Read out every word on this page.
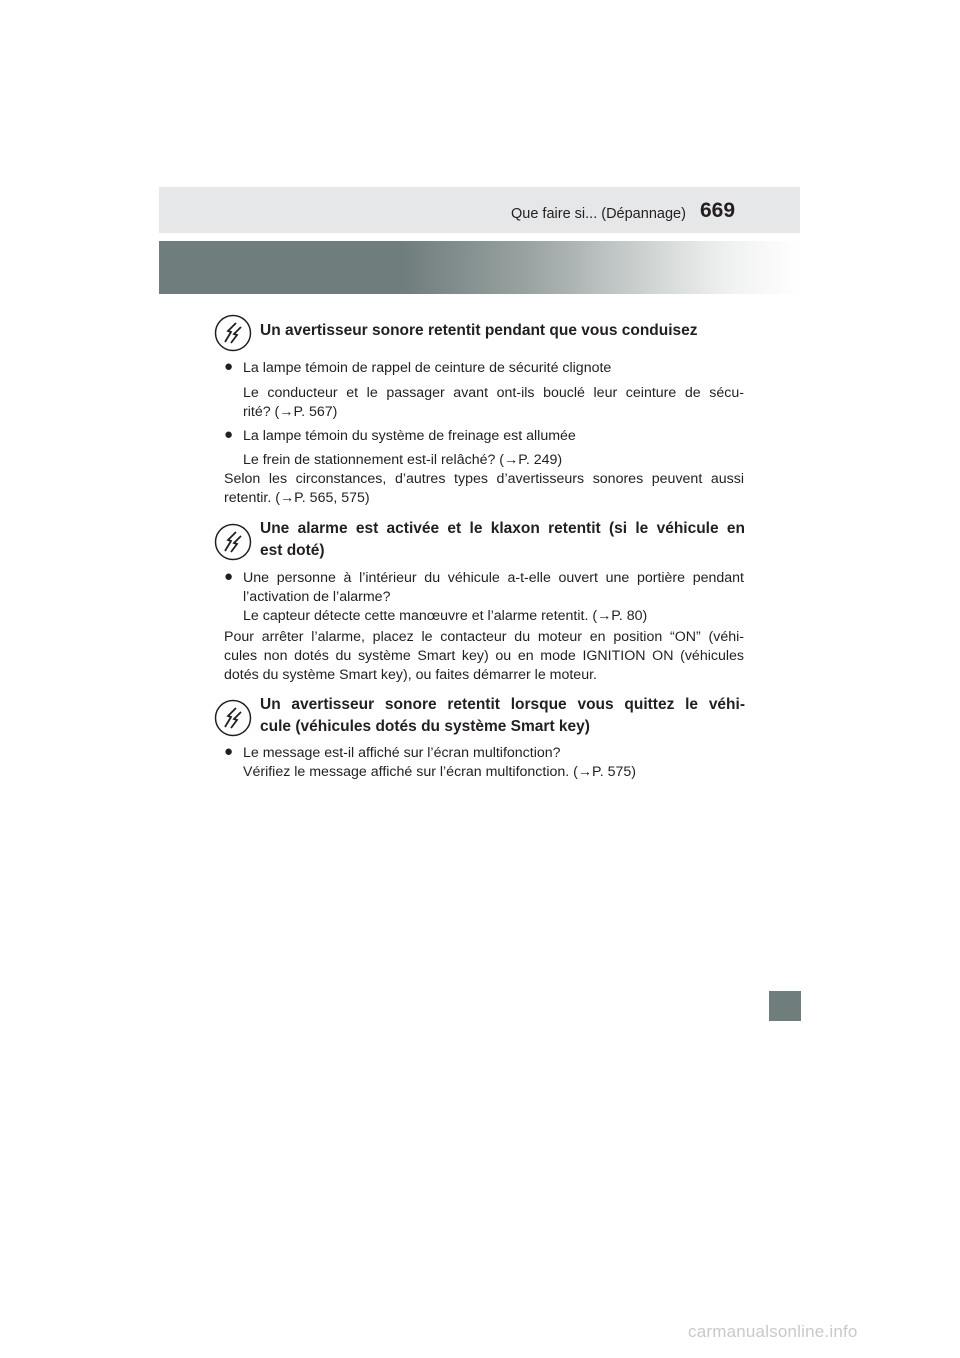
Que faire si... (Dépannage) 669
Un avertisseur sonore retentit pendant que vous conduisez
● La lampe témoin de rappel de ceinture de sécurité clignote
Le conducteur et le passager avant ont-ils bouclé leur ceinture de sécu-
rité? (→P. 567)
● La lampe témoin du système de freinage est allumée
Le frein de stationnement est-il relâché? (→P. 249)
Selon les circonstances, d’autres types d’avertisseurs sonores peuvent aussi
retentir. (→P. 565, 575)
Une alarme est activée et le klaxon retentit (si le véhicule en
est doté)
● Une personne à l’intérieur du véhicule a-t-elle ouvert une portière pendant
l’activation de l’alarme?
Le capteur détecte cette manœuvre et l’alarme retentit. (→P. 80)
Pour arrêter l’alarme, placez le contacteur du moteur en position “ON” (véhi-
cules non dotés du système Smart key) ou en mode IGNITION ON (véhicules
dotés du système Smart key), ou faites démarrer le moteur.
Un avertisseur sonore retentit lorsque vous quittez le véhi-
cule (véhicules dotés du système Smart key)
● Le message est-il affiché sur l’écran multifonction?
Vérifiez le message affiché sur l’écran multifonction. (→P. 575)
carmanualsonline.info
